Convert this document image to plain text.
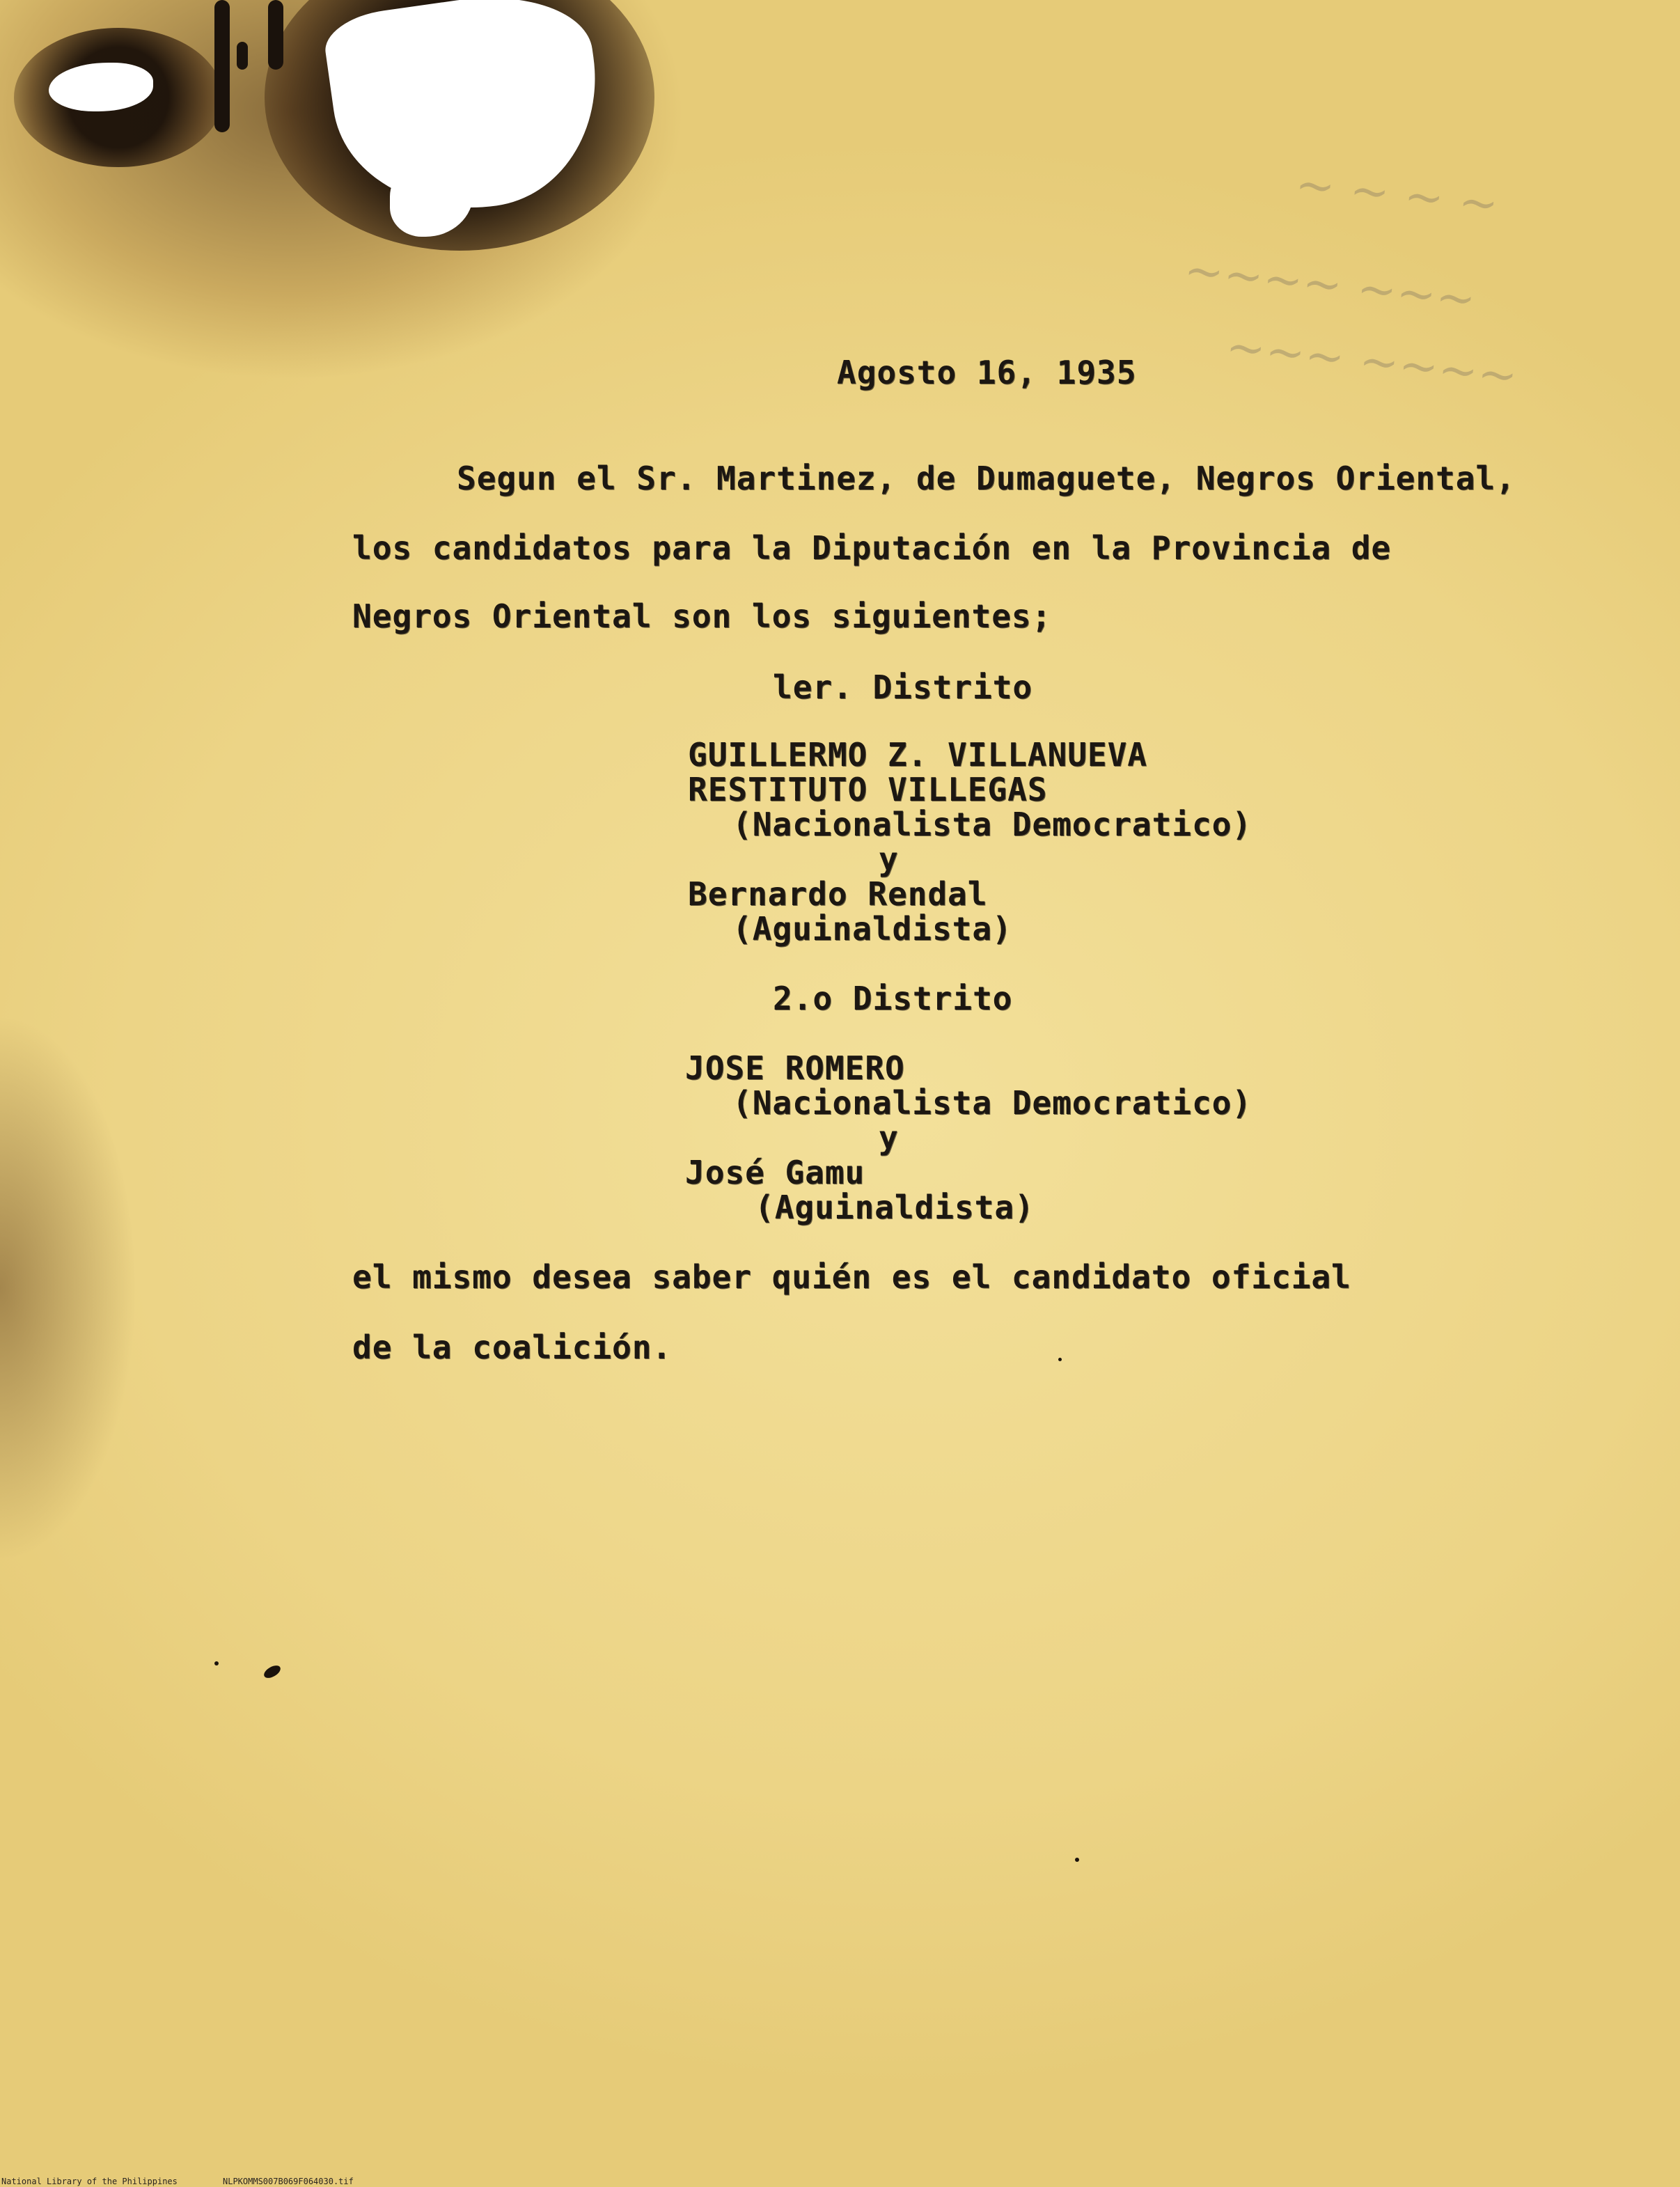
~ ~ ~ ~
~~~~ ~~~
~~~ ~~~~
Agosto 16, 1935
Segun el Sr. Martinez, de Dumaguete, Negros Oriental,
los candidatos para la Diputación en la Provincia de
Negros Oriental son los siguientes;
ler. Distrito
GUILLERMO Z. VILLANUEVA
RESTITUTO VILLEGAS
(Nacionalista Democratico)
y
Bernardo Rendal
(Aguinaldista)
2.o Distrito
JOSE ROMERO
(Nacionalista Democratico)
y
José Gamu
(Aguinaldista)
el mismo desea saber quién es el candidato oficial
de la coalición.
National Library of the Philippines	NLPKOMMS007B069F064030.tif
